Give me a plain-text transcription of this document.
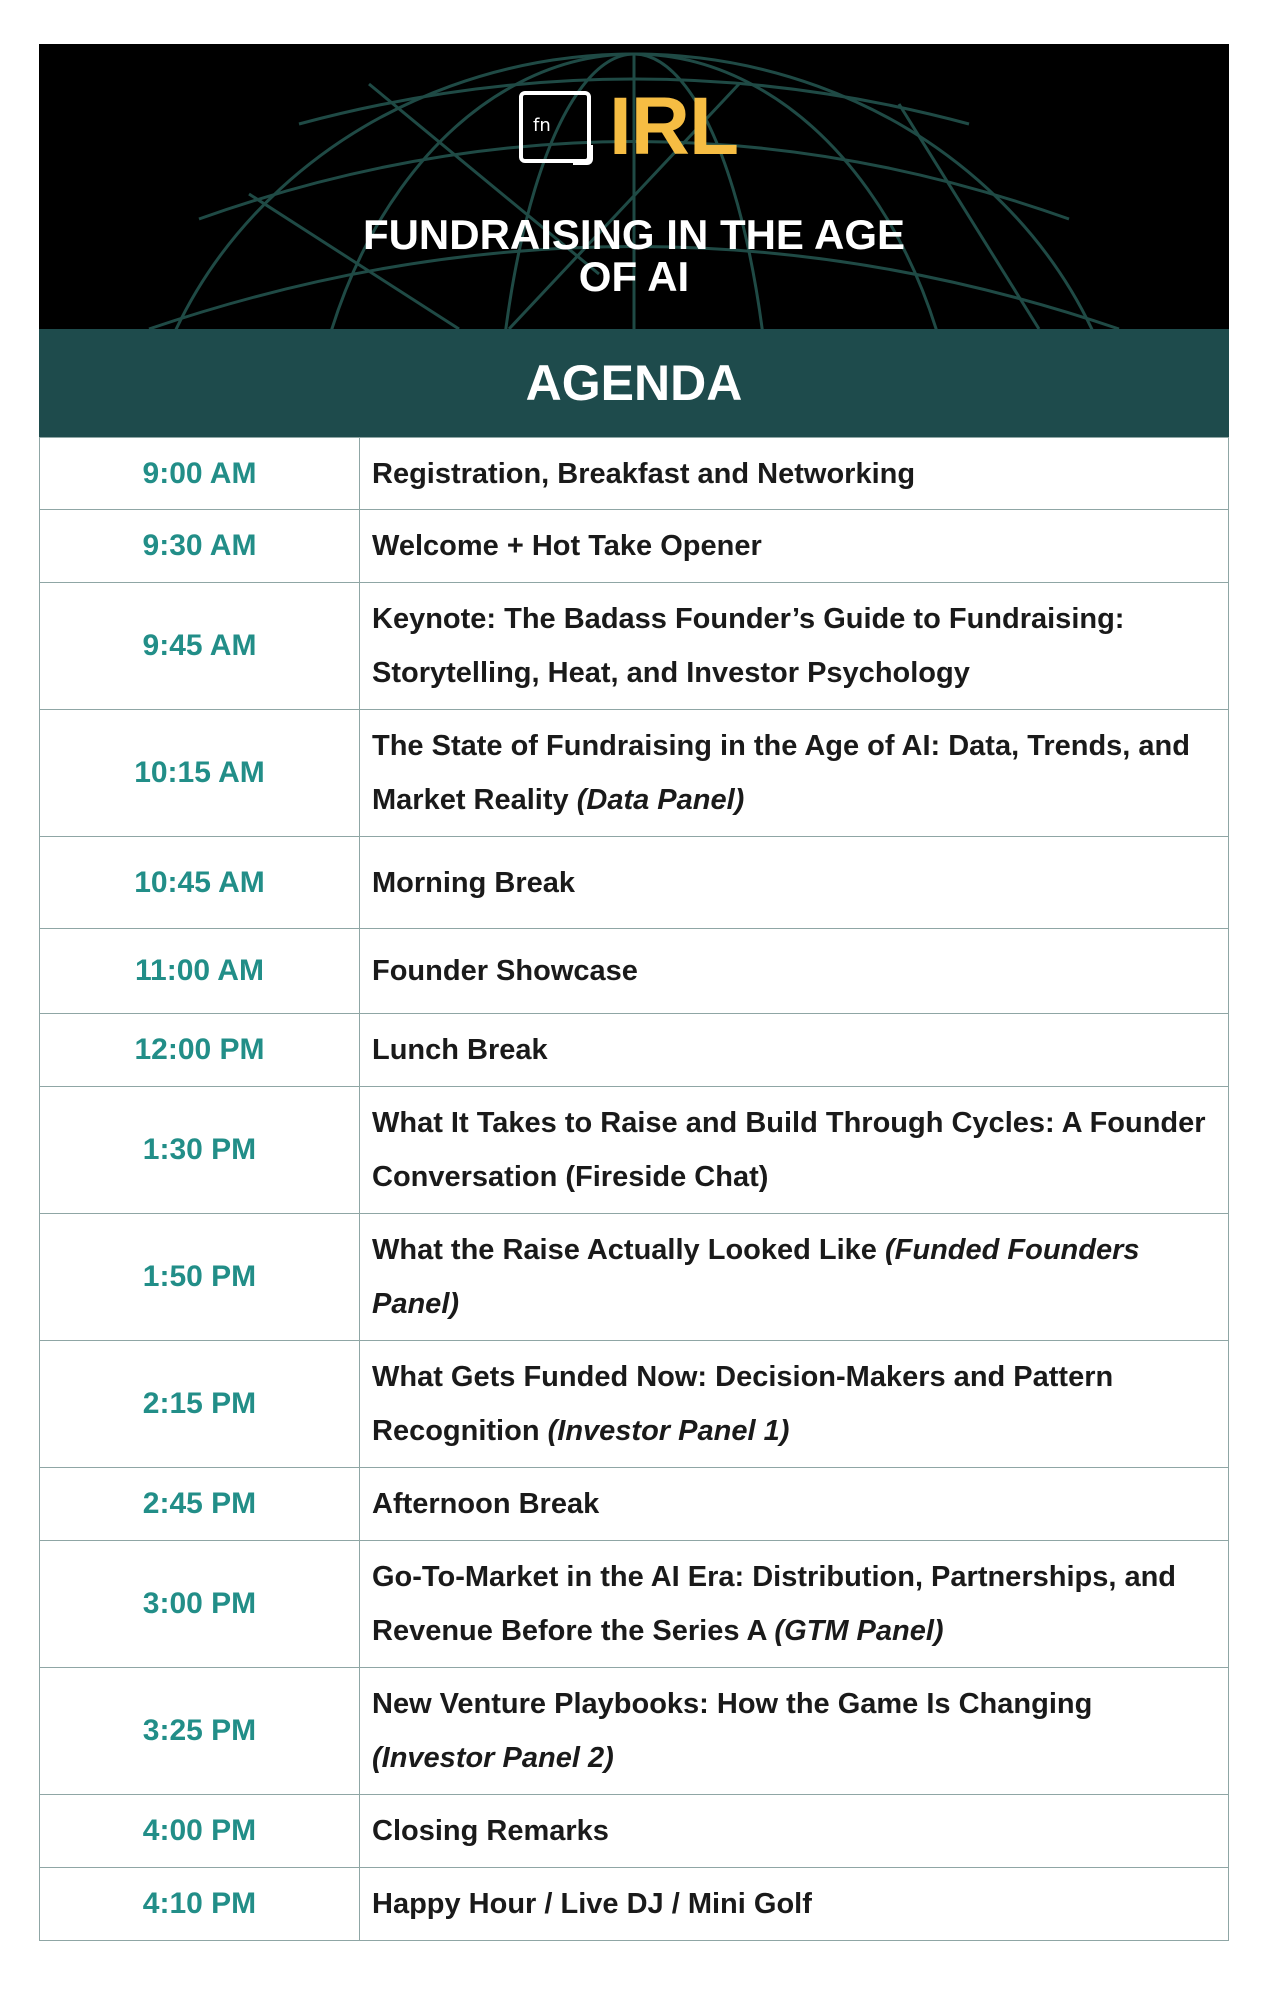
fn IRL
FUNDRAISING IN THE AGE
OF AI
AGENDA
9:00 AM	Registration, Breakfast and Networking
9:30 AM	Welcome + Hot Take Opener
9:45 AM	Keynote: The Badass Founder’s Guide to Fundraising: Storytelling, Heat, and Investor Psychology
10:15 AM	The State of Fundraising in the Age of AI: Data, Trends, and Market Reality (Data Panel)
10:45 AM	Morning Break
11:00 AM	Founder Showcase
12:00 PM	Lunch Break
1:30 PM	What It Takes to Raise and Build Through Cycles: A Founder Conversation (Fireside Chat)
1:50 PM	What the Raise Actually Looked Like (Funded Founders Panel)
2:15 PM	What Gets Funded Now: Decision-Makers and Pattern Recognition (Investor Panel 1)
2:45 PM	Afternoon Break
3:00 PM	Go-To-Market in the AI Era: Distribution, Partnerships, and Revenue Before the Series A (GTM Panel)
3:25 PM	New Venture Playbooks: How the Game Is Changing (Investor Panel 2)
4:00 PM	Closing Remarks
4:10 PM	Happy Hour / Live DJ / Mini Golf
